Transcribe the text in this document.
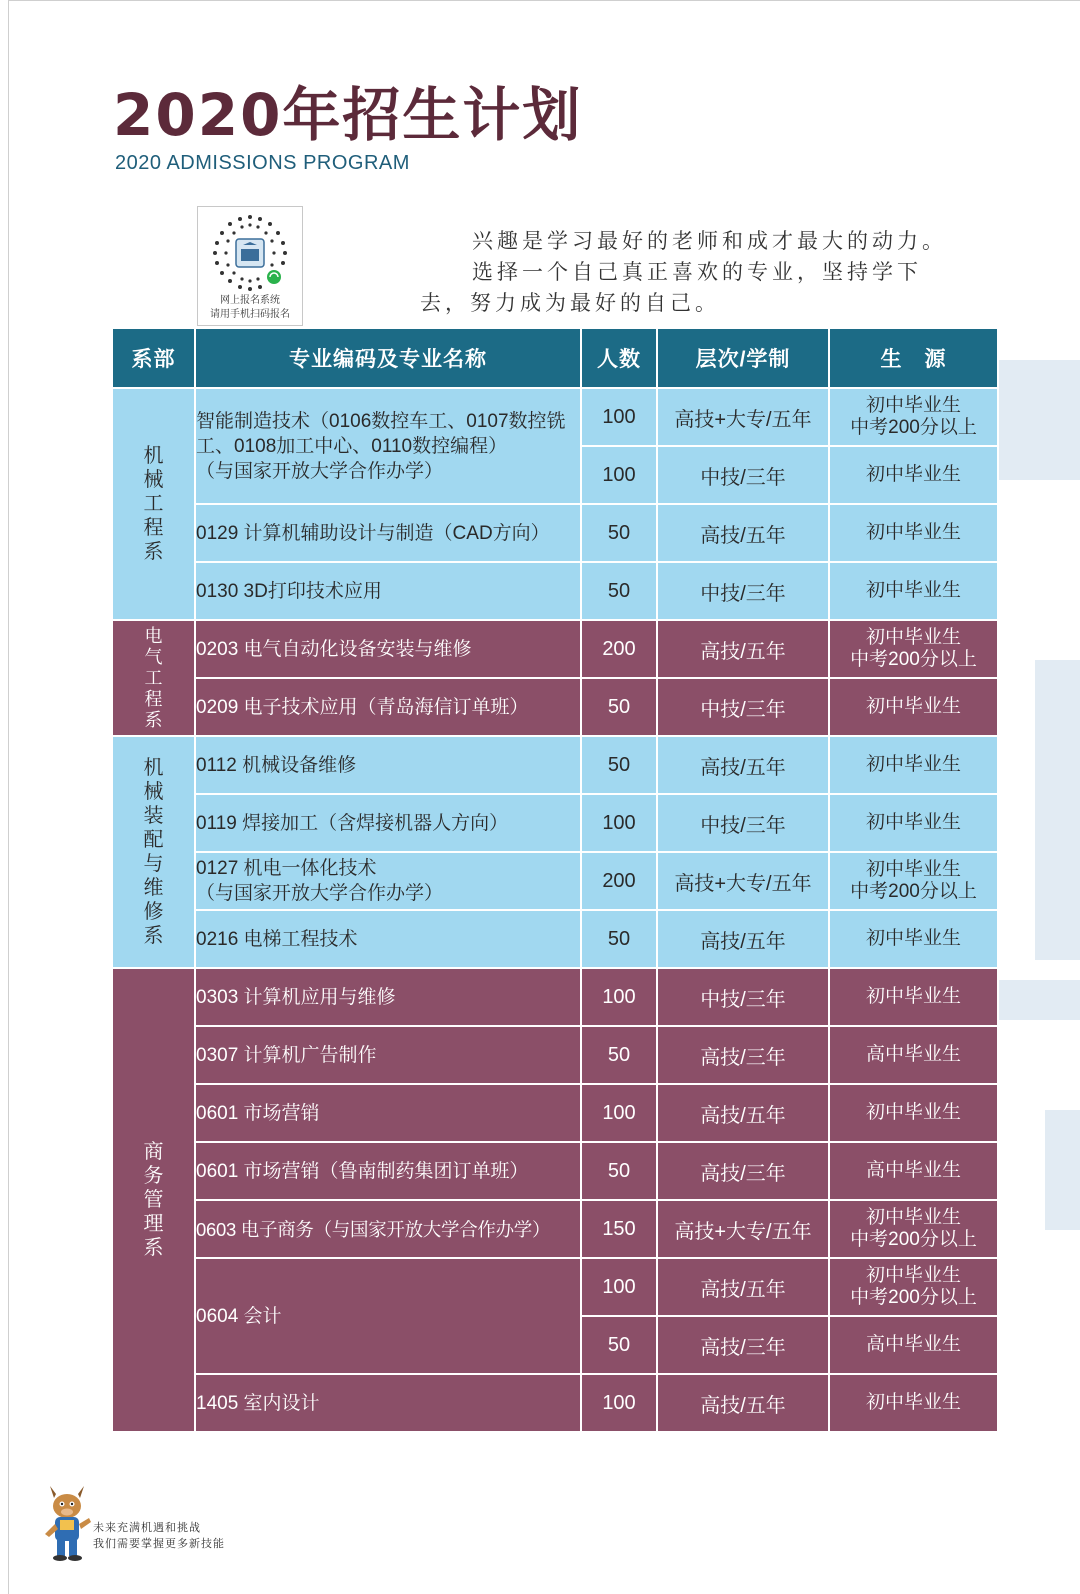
2020年招生计划
2020 ADMISSIONS PROGRAM
网上报名系统
请用手机扫码报名
兴趣是学习最好的老师和成才最大的动力。
选择一个自己真正喜欢的专业，坚持学下
去，努力成为最好的自己。
系部	专业编码及专业名称	人数	层次/学制	生　源

机械工程系	智能制造技术（0106数控车工、0107数控铣工、0108加工中心、0110数控编程）
（与国家开放大学合作办学）	100	高技+大专/五年	初中毕业生
中考200分以上

		100	中技/三年	初中毕业生
	0129 计算机辅助设计与制造（CAD方向）	50	高技/五年	初中毕业生
	0130 3D打印技术应用	50	中技/三年	初中毕业生

电气工程系	0203 电气自动化设备安装与维修	200	高技/五年	初中毕业生
中考200分以上

	0209 电子技术应用（青岛海信订单班）	50	中技/三年	初中毕业生

机械装配与维修系	0112 机械设备维修	50	高技/五年	初中毕业生
	0119 焊接加工（含焊接机器人方向）	100	中技/三年	初中毕业生

	0127 机电一体化技术
（与国家开放大学合作办学）	200	高技+大专/五年	初中毕业生
中考200分以上

	0216 电梯工程技术	50	高技/五年	初中毕业生

商务管理系	0303 计算机应用与维修	100	中技/三年	初中毕业生
	0307 计算机广告制作	50	高技/三年	高中毕业生
	0601 市场营销	100	高技/五年	初中毕业生
	0601 市场营销（鲁南制药集团订单班）	50	高技/三年	高中毕业生
	0603 电子商务（与国家开放大学合作办学）	150	高技+大专/五年	初中毕业生
中考200分以上

	0604 会计	100	高技/五年	初中毕业生
中考200分以上

		50	高技/三年	高中毕业生
	1405 室内设计	100	高技/五年	初中毕业生
未来充满机遇和挑战
我们需要掌握更多新技能
